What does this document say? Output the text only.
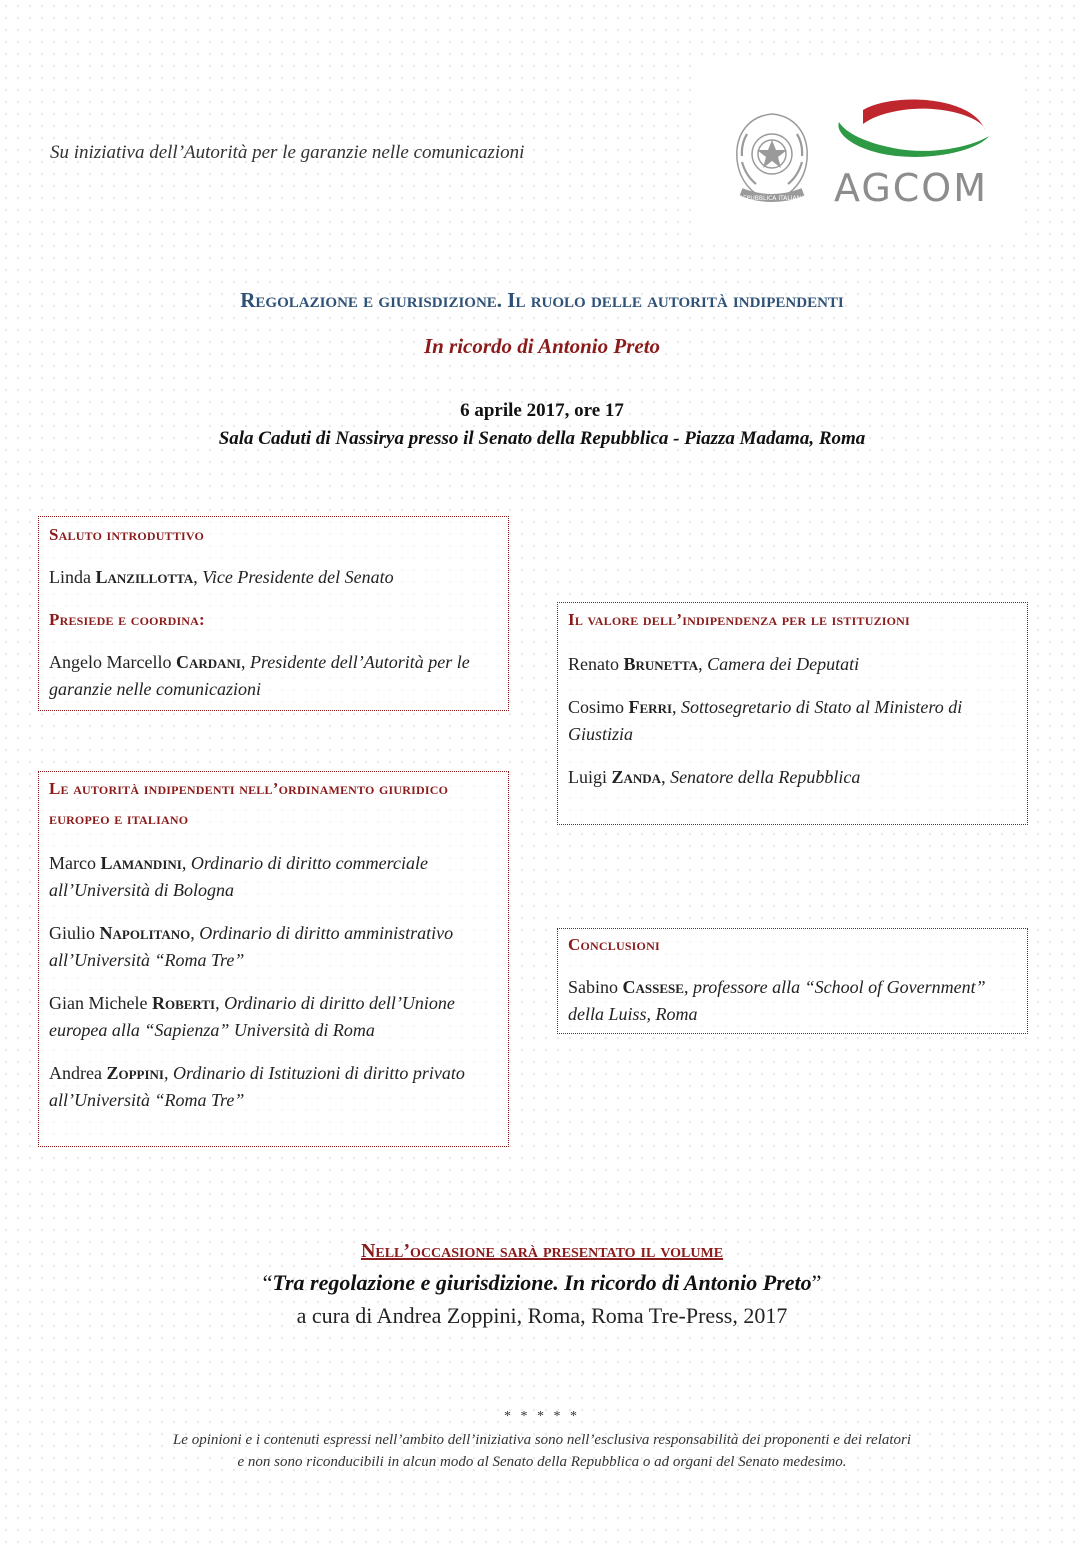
Su iniziativa dell’Autorità per le garanzie nelle comunicazioni
REPUBBLICA ITALIANA AGCOM
Regolazione e giurisdizione. Il ruolo delle autorità indipendenti
In ricordo di Antonio Preto
6 aprile 2017, ore 17
Sala Caduti di Nassirya presso il Senato della Repubblica - Piazza Madama, Roma
Saluto introduttivo
Linda Lanzillotta, Vice Presidente del Senato
Presiede e coordina:
Angelo Marcello Cardani, Presidente dell’Autorità per le garanzie nelle comunicazioni
Le autorità indipendenti nell’ordinamento giuridico europeo e italiano
Marco Lamandini, Ordinario di diritto commerciale all’Università di Bologna
Giulio Napolitano, Ordinario di diritto amministrativo all’Università “Roma Tre”
Gian Michele Roberti, Ordinario di diritto dell’Unione europea alla “Sapienza” Università di Roma
Andrea Zoppini, Ordinario di Istituzioni di diritto privato all’Università “Roma Tre”
Il valore dell’indipendenza per le istituzioni
Renato Brunetta, Camera dei Deputati
Cosimo Ferri, Sottosegretario di Stato al Ministero di Giustizia
Luigi Zanda, Senatore della Repubblica
Conclusioni
Sabino Cassese, professore alla “School of Government” della Luiss, Roma
Nell’occasione sarà presentato il volume
“Tra regolazione e giurisdizione. In ricordo di Antonio Preto”
a cura di Andrea Zoppini, Roma, Roma Tre-Press, 2017
* * * * *
Le opinioni e i contenuti espressi nell’ambito dell’iniziativa sono nell’esclusiva responsabilità dei proponenti e dei relatori
e non sono riconducibili in alcun modo al Senato della Repubblica o ad organi del Senato medesimo.
